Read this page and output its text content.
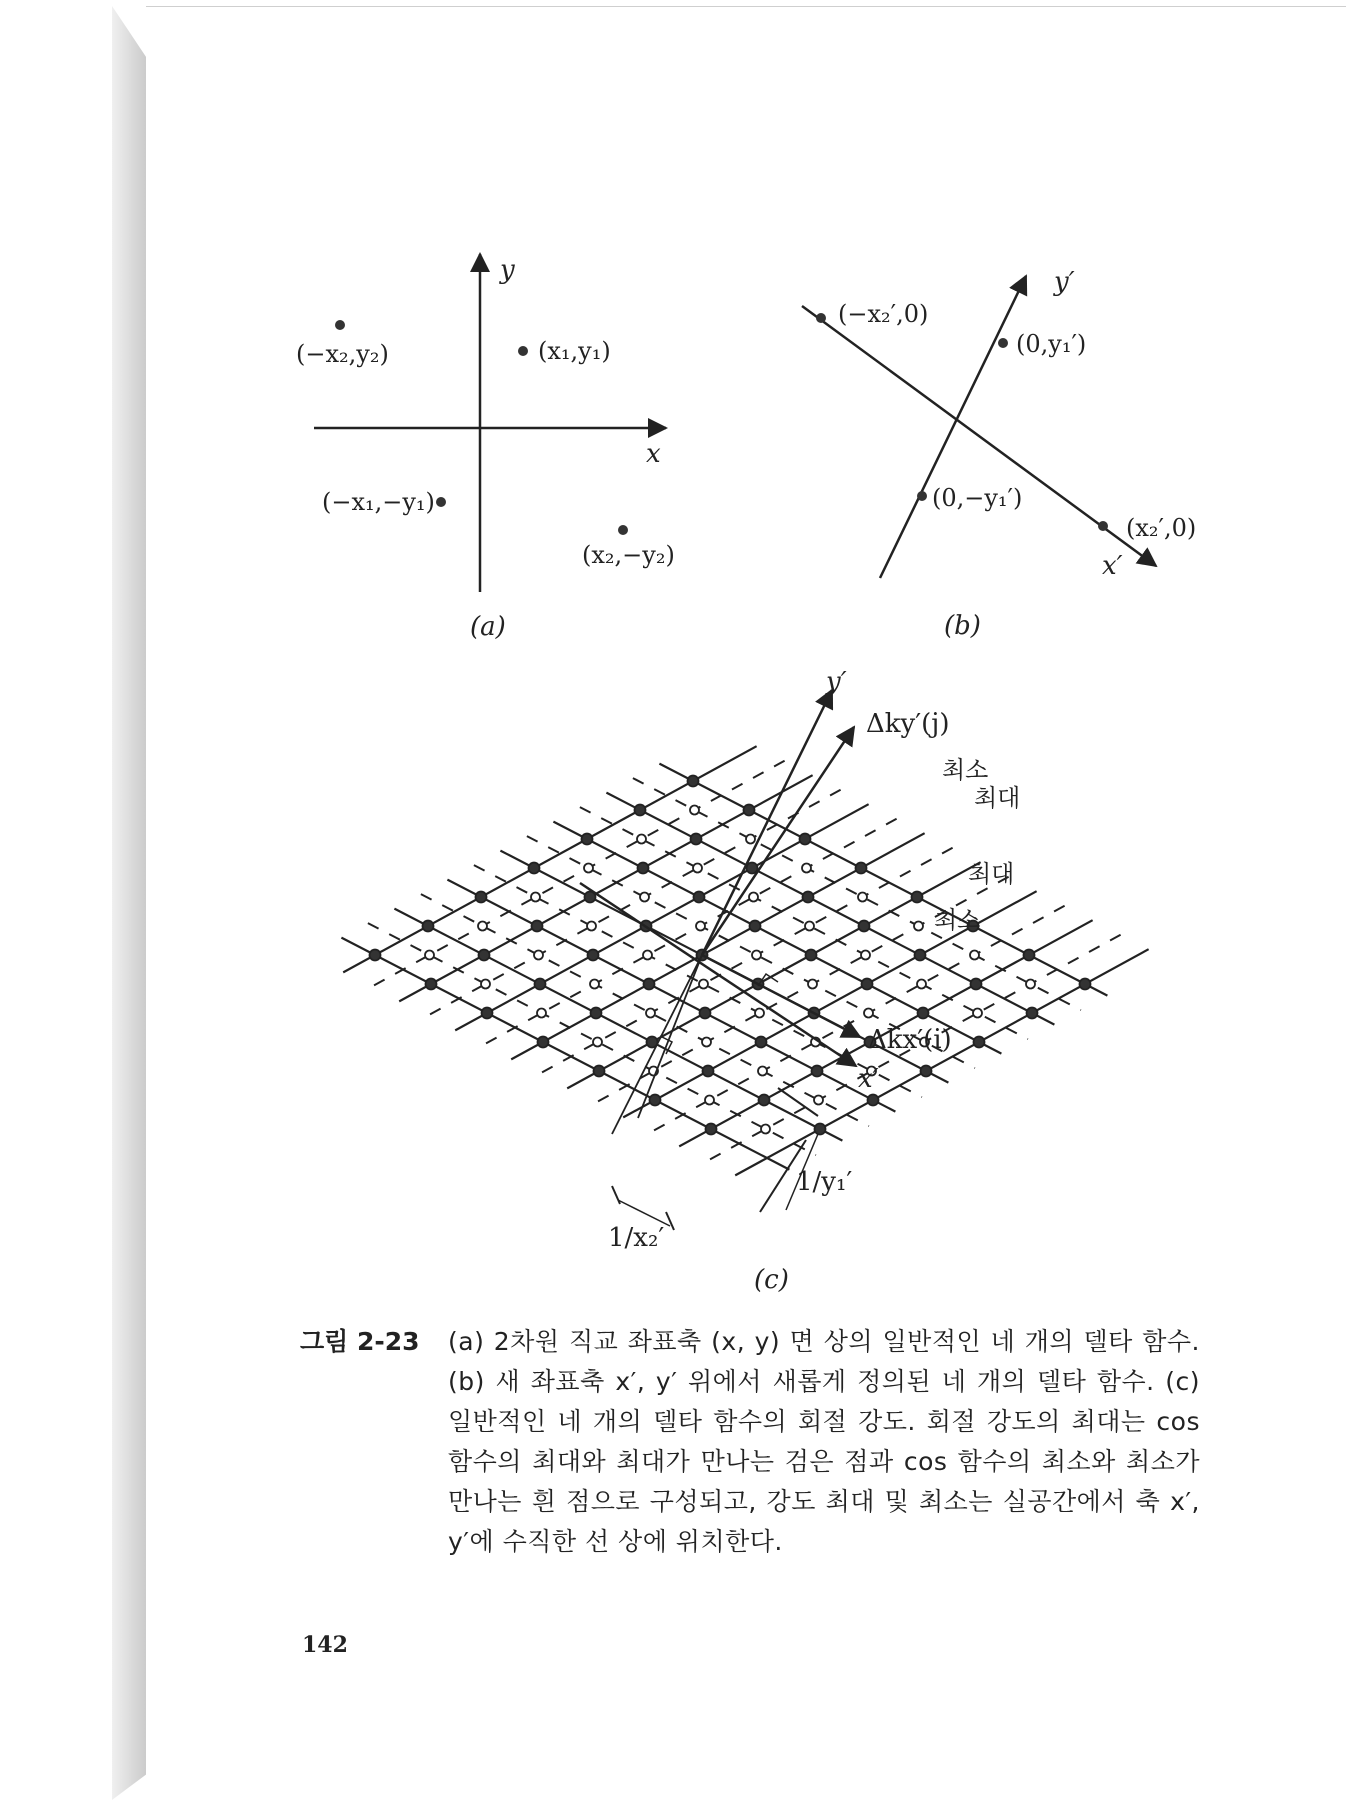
y
x
(−x₂,y₂)	(x₁,y₁)
(−x₁,−y₁)
(x₂,−y₂)
(a)
y′
x′
(−x₂′,0)
(0,y₁′)
(0,−y₁′)
(x₂′,0)
(b)
y′
Δky′(j̇)
Δkx′(i̇)
x′
최소
최대
최대
최소
1/y₁′
1/x₂′
(c)
그림 2-23 (a) 2차원 직교 좌표축 (x, y) 면 상의 일반적인 네 개의 델타 함수. (b) 새 좌표축 x′, y′ 위에서 새롭게 정의된 네 개의 델타 함수. (c) 일반적인 네 개의 델타 함수의 회절 강도. 회절 강도의 최대는 cos 함수의 최대와 최대가 만나는 검은 점과 cos 함수의 최소와 최소가 만나는 흰 점으로 구성되고, 강도 최대 및 최소는 실공간에서 축 x′, y′에 수직한 선 상에 위치한다.
142
